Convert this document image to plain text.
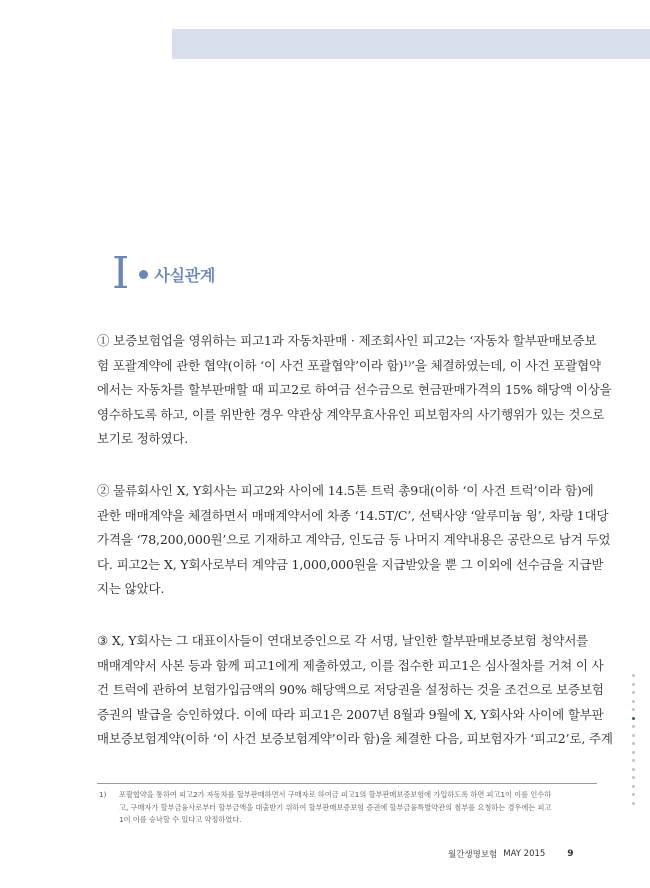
I 사실관계

① 보증보험업을 영위하는 피고1과 자동차판매 · 제조회사인 피고2는 ‘자동차 할부판매보증보
험 포괄계약에 관한 협약(이하 ‘이 사건 포괄협약’이라 함)¹⁾’을 체결하였는데, 이 사건 포괄협약
에서는 자동차를 할부판매할 때 피고2로 하여금 선수금으로 현금판매가격의 15% 해당액 이상을
영수하도록 하고, 이를 위반한 경우 약관상 계약무효사유인 피보험자의 사기행위가 있는 것으로
보기로 정하였다.

② 물류회사인 X, Y회사는 피고2와 사이에 14.5톤 트럭 총9대(이하 ‘이 사건 트럭’이라 함)에
관한 매매계약을 체결하면서 매매계약서에 차종 ‘14.5T/C’, 선택사양 ‘알루미늄 윙’, 차량 1대당
가격을 ‘78,200,000원’으로 기재하고 계약금, 인도금 등 나머지 계약내용은 공란으로 남겨 두었
다. 피고2는 X, Y회사로부터 계약금 1,000,000원을 지급받았을 뿐 그 이외에 선수금을 지급받
지는 않았다.

③ X, Y회사는 그 대표이사들이 연대보증인으로 각 서명, 날인한 할부판매보증보험 청약서를
매매계약서 사본 등과 함께 피고1에게 제출하였고, 이를 접수한 피고1은 심사절차를 거쳐 이 사
건 트럭에 관하여 보험가입금액의 90% 해당액으로 저당권을 설정하는 것을 조건으로 보증보험
증권의 발급을 승인하였다. 이에 따라 피고1은 2007년 8월과 9월에 X, Y회사와 사이에 할부판
매보증보험계약(이하 ‘이 사건 보증보험계약’이라 함)을 체결한 다음, 피보험자가 ‘피고2’로, 주계

1) 포괄협약을 통하여 피고2가 자동차를 할부판매하면서 구매자로 하여금 피고1의 할부판매보증보험에 가입하도록 하면 피고1이 이를 인수하
고, 구매자가 할부금융사로부터 할부금액을 대출받기 위하여 할부판매보증보험 증권에 할부금융특별약관의 첨부를 요청하는 경우에는 피고
1이 이를 승낙할 수 있다고 약정하였다.
월간생명보험 MAY 2015 9
